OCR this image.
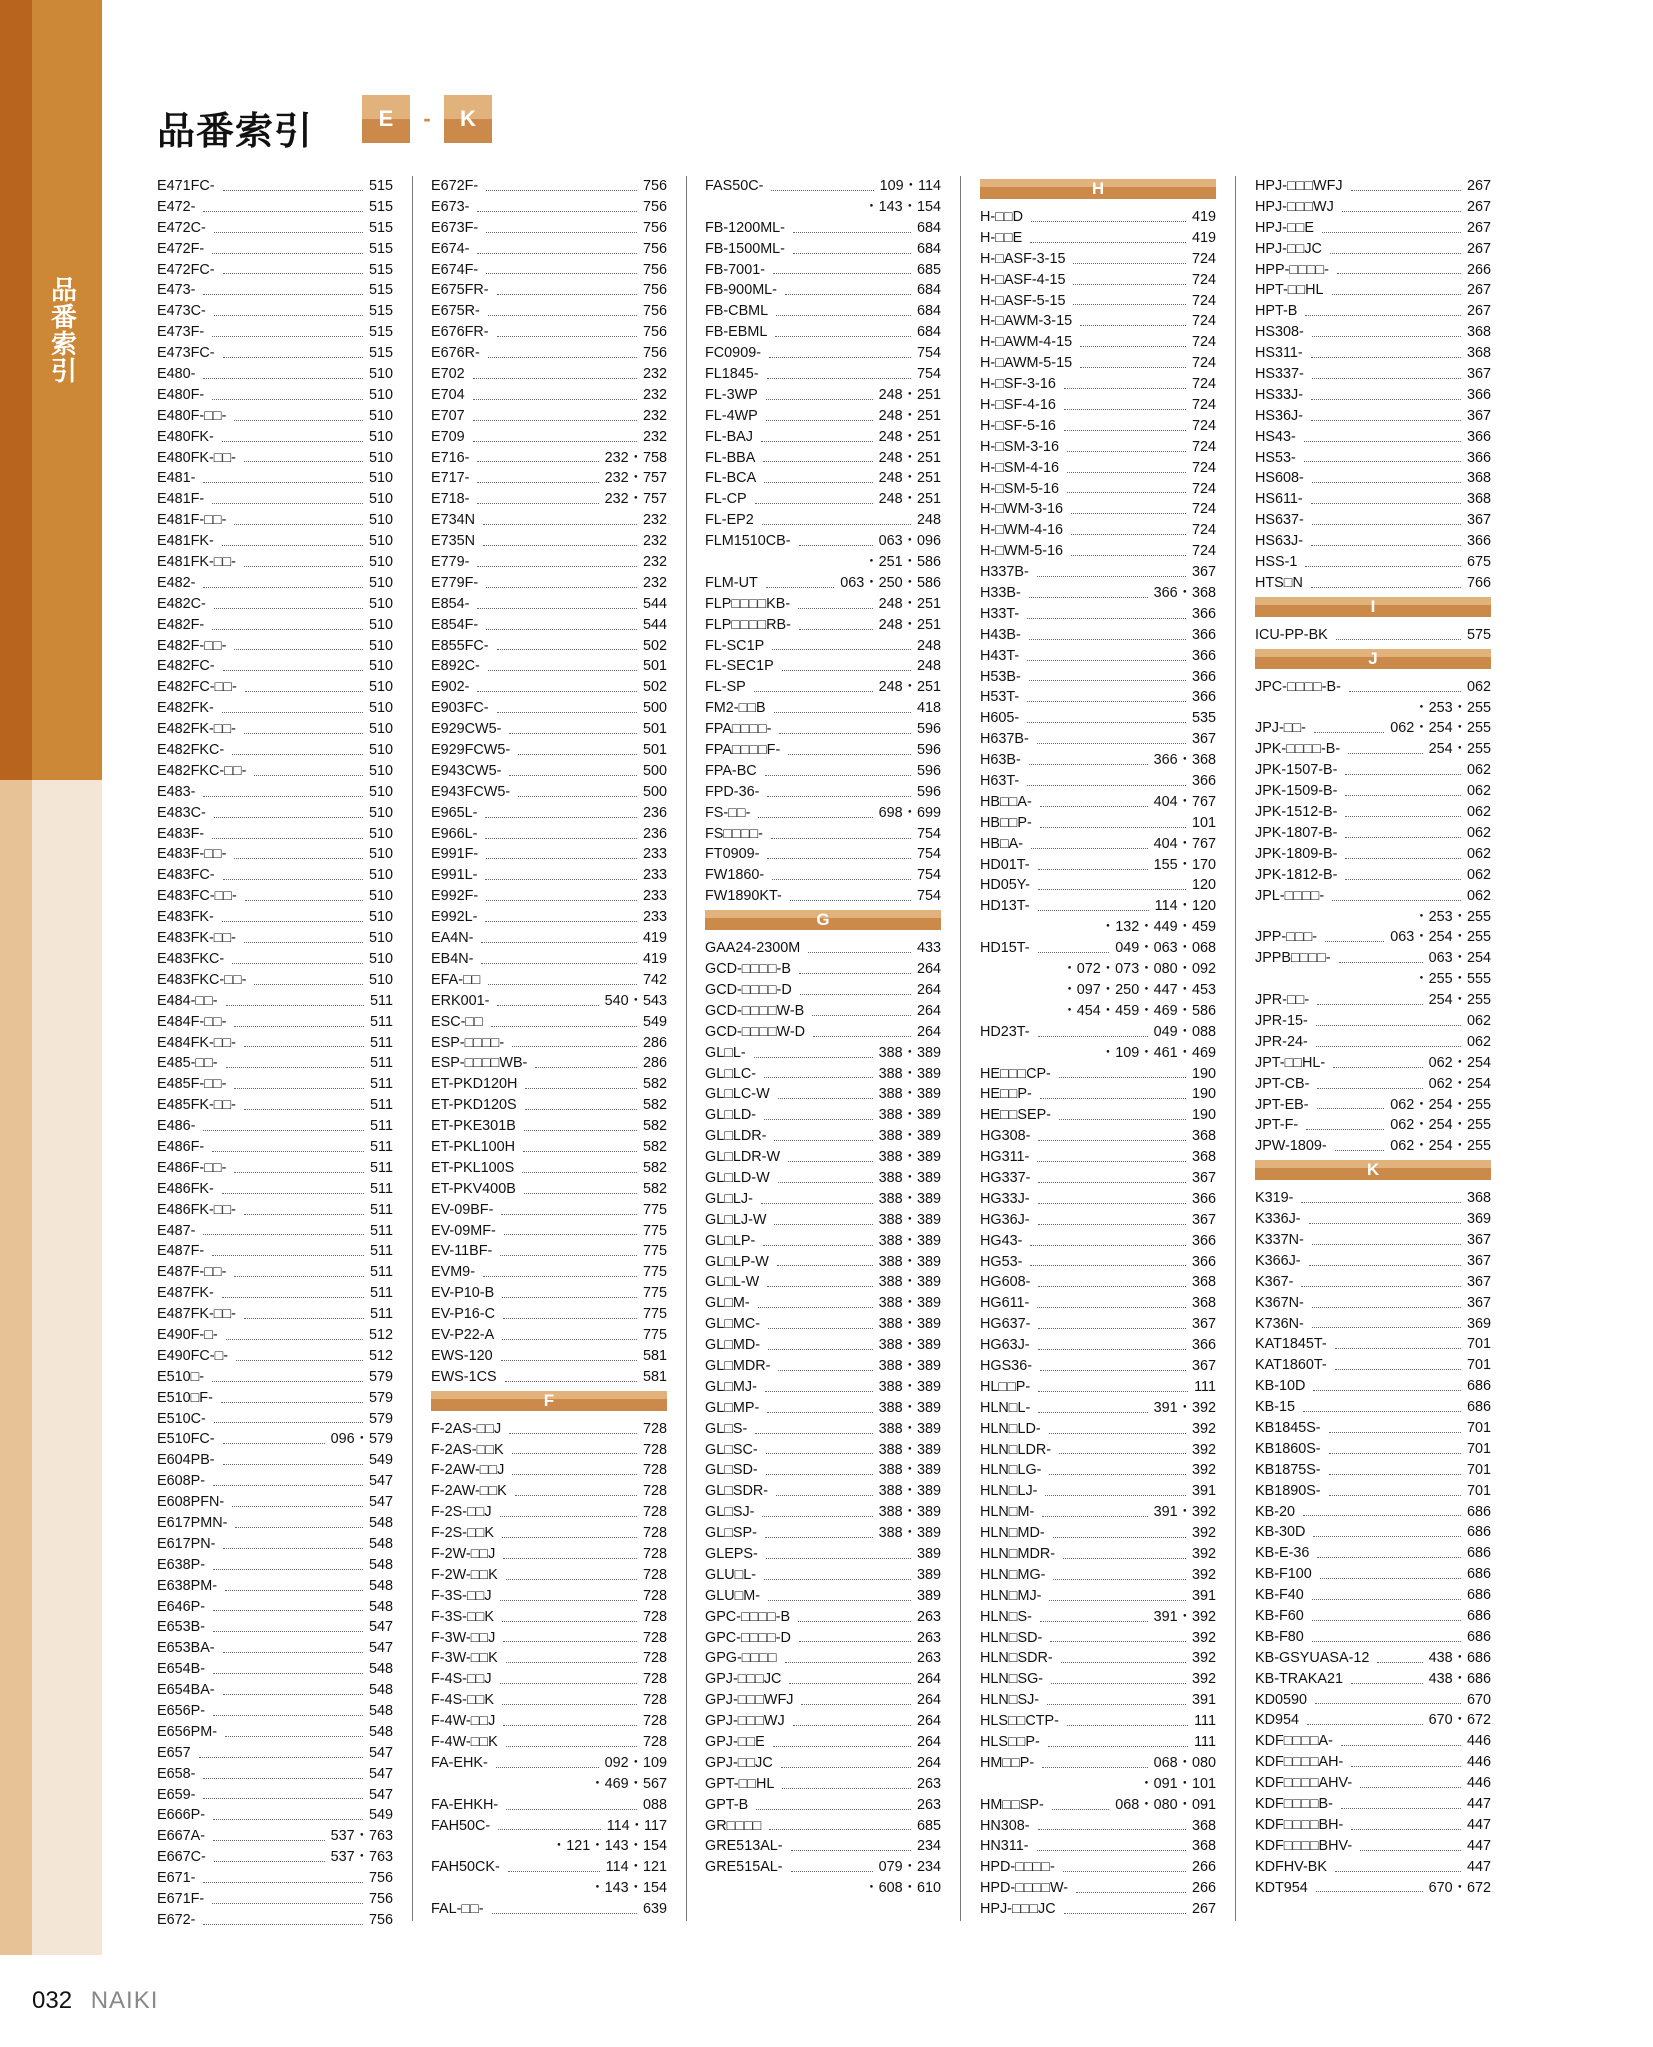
品
番
索
引
品番索引	E	-	K
E471FC-	515
E472-	515
E472C-	515
E472F-	515
E472FC-	515
E473-	515
E473C-	515
E473F-	515
E473FC-	515
E480-	510
E480F-	510
E480F-□□-	510
E480FK-	510
E480FK-□□-	510
E481-	510
E481F-	510
E481F-□□-	510
E481FK-	510
E481FK-□□-	510
E482-	510
E482C-	510
E482F-	510
E482F-□□-	510
E482FC-	510
E482FC-□□-	510
E482FK-	510
E482FK-□□-	510
E482FKC-	510
E482FKC-□□-	510
E483-	510
E483C-	510
E483F-	510
E483F-□□-	510
E483FC-	510
E483FC-□□-	510
E483FK-	510
E483FK-□□-	510
E483FKC-	510
E483FKC-□□-	510
E484-□□-	511
E484F-□□-	511
E484FK-□□-	511
E485-□□-	511
E485F-□□-	511
E485FK-□□-	511
E486-	511
E486F-	511
E486F-□□-	511
E486FK-	511
E486FK-□□-	511
E487-	511
E487F-	511
E487F-□□-	511
E487FK-	511
E487FK-□□-	511
E490F-□-	512
E490FC-□-	512
E510□-	579
E510□F-	579
E510C-	579
E510FC-	096・579
E604PB-	549
E608P-	547
E608PFN-	547
E617PMN-	548
E617PN-	548
E638P-	548
E638PM-	548
E646P-	548
E653B-	547
E653BA-	547
E654B-	548
E654BA-	548
E656P-	548
E656PM-	548
E657	547
E658-	547
E659-	547
E666P-	549
E667A-	537・763
E667C-	537・763
E671-	756
E671F-	756
E672-	756
E672F-	756
E673-	756
E673F-	756
E674-	756
E674F-	756
E675FR-	756
E675R-	756
E676FR-	756
E676R-	756
E702	232
E704	232
E707	232
E709	232
E716-	232・758
E717-	232・757
E718-	232・757
E734N	232
E735N	232
E779-	232
E779F-	232
E854-	544
E854F-	544
E855FC-	502
E892C-	501
E902-	502
E903FC-	500
E929CW5-	501
E929FCW5-	501
E943CW5-	500
E943FCW5-	500
E965L-	236
E966L-	236
E991F-	233
E991L-	233
E992F-	233
E992L-	233
EA4N-	419
EB4N-	419
EFA-□□	742
ERK001-	540・543
ESC-□□	549
ESP-□□□□-	286
ESP-□□□□WB-	286
ET-PKD120H	582
ET-PKD120S	582
ET-PKE301B	582
ET-PKL100H	582
ET-PKL100S	582
ET-PKV400B	582
EV-09BF-	775
EV-09MF-	775
EV-11BF-	775
EVM9-	775
EV-P10-B	775
EV-P16-C	775
EV-P22-A	775
EWS-120	581
EWS-1CS	581
F
F-2AS-□□J	728
F-2AS-□□K	728
F-2AW-□□J	728
F-2AW-□□K	728
F-2S-□□J	728
F-2S-□□K	728
F-2W-□□J	728
F-2W-□□K	728
F-3S-□□J	728
F-3S-□□K	728
F-3W-□□J	728
F-3W-□□K	728
F-4S-□□J	728
F-4S-□□K	728
F-4W-□□J	728
F-4W-□□K	728
FA-EHK-	092・109
・469・567
FA-EHKH-	088
FAH50C-	114・117
・121・143・154
FAH50CK-	114・121
・143・154
FAL-□□-	639
FAS50C-	109・114
・143・154
FB-1200ML-	684
FB-1500ML-	684
FB-7001-	685
FB-900ML-	684
FB-CBML	684
FB-EBML	684
FC0909-	754
FL1845-	754
FL-3WP	248・251
FL-4WP	248・251
FL-BAJ	248・251
FL-BBA	248・251
FL-BCA	248・251
FL-CP	248・251
FL-EP2	248
FLM1510CB-	063・096
・251・586
FLM-UT	063・250・586
FLP□□□□KB-	248・251
FLP□□□□RB-	248・251
FL-SC1P	248
FL-SEC1P	248
FL-SP	248・251
FM2-□□B	418
FPA□□□□-	596
FPA□□□□F-	596
FPA-BC	596
FPD-36-	596
FS-□□-	698・699
FS□□□□-	754
FT0909-	754
FW1860-	754
FW1890KT-	754
G
GAA24-2300M	433
GCD-□□□□-B	264
GCD-□□□□-D	264
GCD-□□□□W-B	264
GCD-□□□□W-D	264
GL□L-	388・389
GL□LC-	388・389
GL□LC-W	388・389
GL□LD-	388・389
GL□LDR-	388・389
GL□LDR-W	388・389
GL□LD-W	388・389
GL□LJ-	388・389
GL□LJ-W	388・389
GL□LP-	388・389
GL□LP-W	388・389
GL□L-W	388・389
GL□M-	388・389
GL□MC-	388・389
GL□MD-	388・389
GL□MDR-	388・389
GL□MJ-	388・389
GL□MP-	388・389
GL□S-	388・389
GL□SC-	388・389
GL□SD-	388・389
GL□SDR-	388・389
GL□SJ-	388・389
GL□SP-	388・389
GLEPS-	389
GLU□L-	389
GLU□M-	389
GPC-□□□□-B	263
GPC-□□□□-D	263
GPG-□□□□	263
GPJ-□□□JC	264
GPJ-□□□WFJ	264
GPJ-□□□WJ	264
GPJ-□□E	264
GPJ-□□JC	264
GPT-□□HL	263
GPT-B	263
GR□□□□	685
GRE513AL-	234
GRE515AL-	079・234
・608・610
H
H-□□D	419
H-□□E	419
H-□ASF-3-15	724
H-□ASF-4-15	724
H-□ASF-5-15	724
H-□AWM-3-15	724
H-□AWM-4-15	724
H-□AWM-5-15	724
H-□SF-3-16	724
H-□SF-4-16	724
H-□SF-5-16	724
H-□SM-3-16	724
H-□SM-4-16	724
H-□SM-5-16	724
H-□WM-3-16	724
H-□WM-4-16	724
H-□WM-5-16	724
H337B-	367
H33B-	366・368
H33T-	366
H43B-	366
H43T-	366
H53B-	366
H53T-	366
H605-	535
H637B-	367
H63B-	366・368
H63T-	366
HB□□A-	404・767
HB□□P-	101
HB□A-	404・767
HD01T-	155・170
HD05Y-	120
HD13T-	114・120
・132・449・459
HD15T-	049・063・068
・072・073・080・092
・097・250・447・453
・454・459・469・586
HD23T-	049・088
・109・461・469
HE□□□CP-	190
HE□□P-	190
HE□□SEP-	190
HG308-	368
HG311-	368
HG337-	367
HG33J-	366
HG36J-	367
HG43-	366
HG53-	366
HG608-	368
HG611-	368
HG637-	367
HG63J-	366
HGS36-	367
HL□□P-	111
HLN□L-	391・392
HLN□LD-	392
HLN□LDR-	392
HLN□LG-	392
HLN□LJ-	391
HLN□M-	391・392
HLN□MD-	392
HLN□MDR-	392
HLN□MG-	392
HLN□MJ-	391
HLN□S-	391・392
HLN□SD-	392
HLN□SDR-	392
HLN□SG-	392
HLN□SJ-	391
HLS□□CTP-	111
HLS□□P-	111
HM□□P-	068・080
・091・101
HM□□SP-	068・080・091
HN308-	368
HN311-	368
HPD-□□□□-	266
HPD-□□□□W-	266
HPJ-□□□JC	267
HPJ-□□□WFJ	267
HPJ-□□□WJ	267
HPJ-□□E	267
HPJ-□□JC	267
HPP-□□□□-	266
HPT-□□HL	267
HPT-B	267
HS308-	368
HS311-	368
HS337-	367
HS33J-	366
HS36J-	367
HS43-	366
HS53-	366
HS608-	368
HS611-	368
HS637-	367
HS63J-	366
HSS-1	675
HTS□N	766
I
ICU-PP-BK	575
J
JPC-□□□□-B-	062
・253・255
JPJ-□□-	062・254・255
JPK-□□□□-B-	254・255
JPK-1507-B-	062
JPK-1509-B-	062
JPK-1512-B-	062
JPK-1807-B-	062
JPK-1809-B-	062
JPK-1812-B-	062
JPL-□□□□-	062
・253・255
JPP-□□□-	063・254・255
JPPB□□□□-	063・254
・255・555
JPR-□□-	254・255
JPR-15-	062
JPR-24-	062
JPT-□□HL-	062・254
JPT-CB-	062・254
JPT-EB-	062・254・255
JPT-F-	062・254・255
JPW-1809-	062・254・255
K
K319-	368
K336J-	369
K337N-	367
K366J-	367
K367-	367
K367N-	367
K736N-	369
KAT1845T-	701
KAT1860T-	701
KB-10D	686
KB-15	686
KB1845S-	701
KB1860S-	701
KB1875S-	701
KB1890S-	701
KB-20	686
KB-30D	686
KB-E-36	686
KB-F100	686
KB-F40	686
KB-F60	686
KB-F80	686
KB-GSYUASA-12	438・686
KB-TRAKA21	438・686
KD0590	670
KD954	670・672
KDF□□□□A-	446
KDF□□□□AH-	446
KDF□□□□AHV-	446
KDF□□□□B-	447
KDF□□□□BH-	447
KDF□□□□BHV-	447
KDFHV-BK	447
KDT954	670・672
032 NAIKI
